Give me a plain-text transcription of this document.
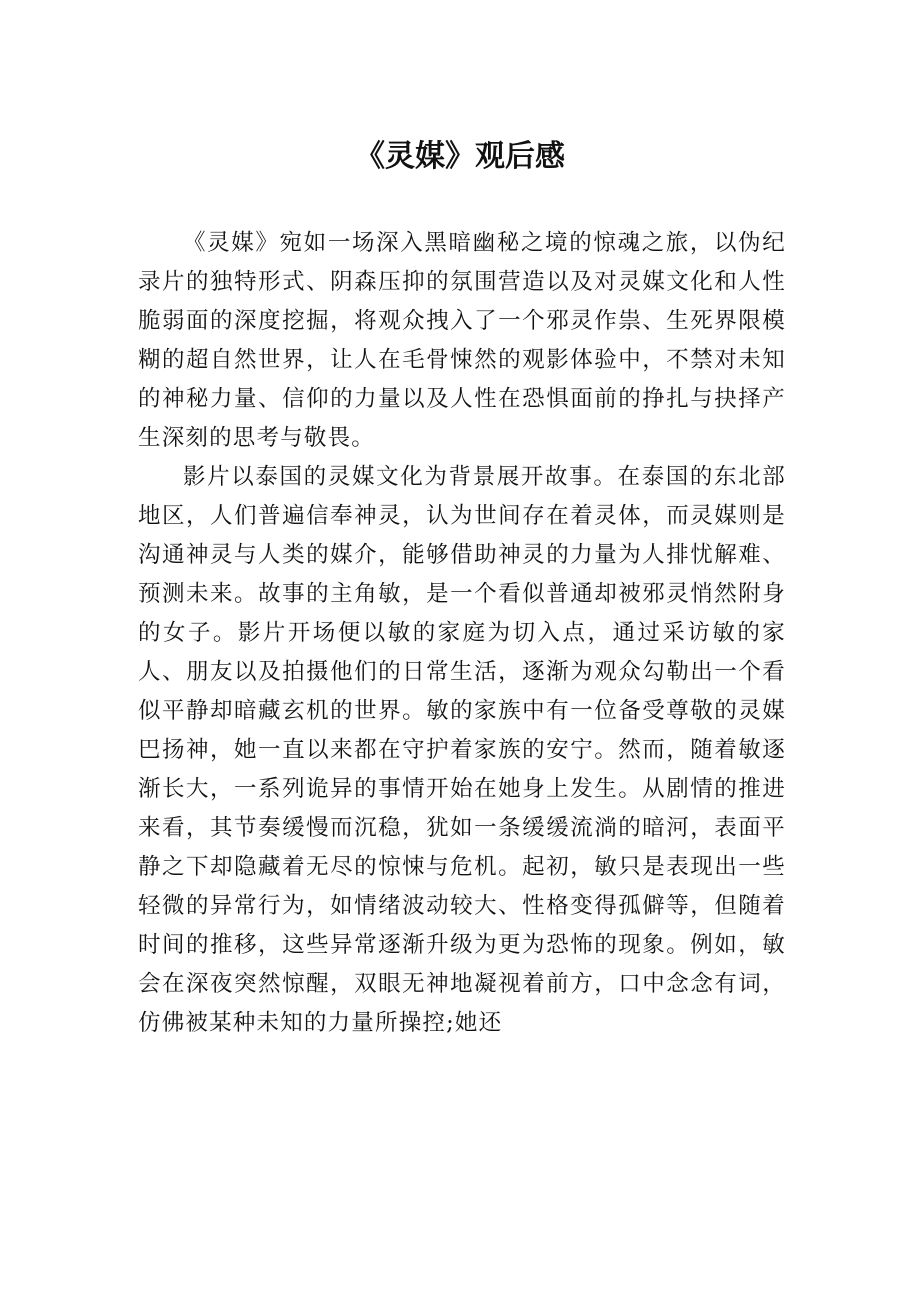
《灵媒》观后感

《灵媒》宛如一场深入黑暗幽秘之境的惊魂之旅，以伪纪录片的独特形式、阴森压抑的氛围营造以及对灵媒文化和人性脆弱面的深度挖掘，将观众拽入了一个邪灵作祟、生死界限模糊的超自然世界，让人在毛骨悚然的观影体验中，不禁对未知的神秘力量、信仰的力量以及人性在恐惧面前的挣扎与抉择产生深刻的思考与敬畏。

影片以泰国的灵媒文化为背景展开故事。在泰国的东北部地区，人们普遍信奉神灵，认为世间存在着灵体，而灵媒则是沟通神灵与人类的媒介，能够借助神灵的力量为人排忧解难、预测未来。故事的主角敏，是一个看似普通却被邪灵悄然附身的女子。影片开场便以敏的家庭为切入点，通过采访敏的家人、朋友以及拍摄他们的日常生活，逐渐为观众勾勒出一个看似平静却暗藏玄机的世界。敏的家族中有一位备受尊敬的灵媒巴扬神，她一直以来都在守护着家族的安宁。然而，随着敏逐渐长大，一系列诡异的事情开始在她身上发生。从剧情的推进来看，其节奏缓慢而沉稳，犹如一条缓缓流淌的暗河，表面平静之下却隐藏着无尽的惊悚与危机。起初，敏只是表现出一些轻微的异常行为，如情绪波动较大、性格变得孤僻等，但随着时间的推移，这些异常逐渐升级为更为恐怖的现象。例如，敏会在深夜突然惊醒，双眼无神地凝视着前方，口中念念有词，仿佛被某种未知的力量所操控;她还
